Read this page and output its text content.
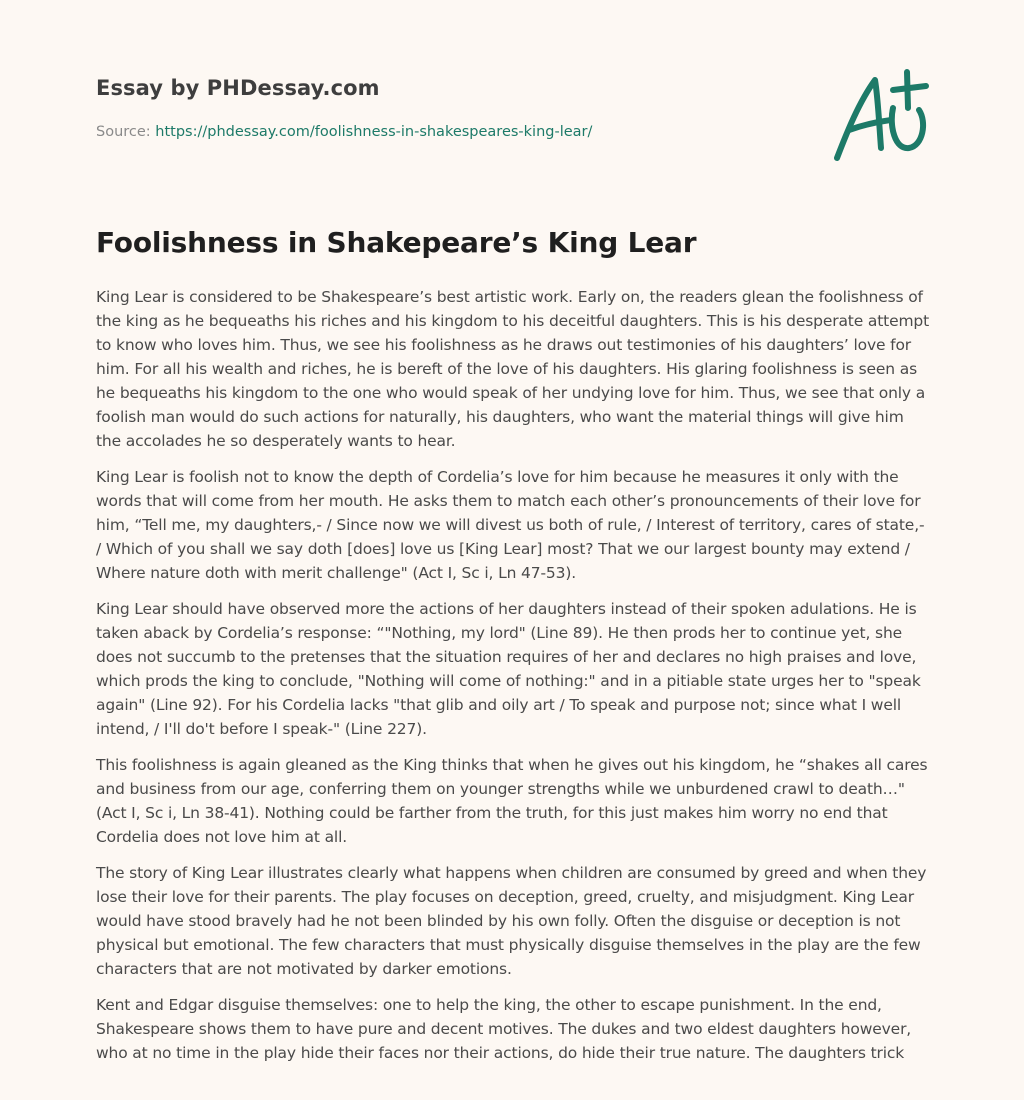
Essay by PHDessay.com
Source: https://phdessay.com/foolishness-in-shakespeares-king-lear/
Foolishness in Shakepeare’s King Lear

King Lear is considered to be Shakespeare’s best artistic work. Early on, the readers glean the foolishness of the king as he bequeaths his riches and his kingdom to his deceitful daughters. This is his desperate attempt to know who loves him. Thus, we see his foolishness as he draws out testimonies of his daughters’ love for him. For all his wealth and riches, he is bereft of the love of his daughters. His glaring foolishness is seen as he bequeaths his kingdom to the one who would speak of her undying love for him. Thus, we see that only a foolish man would do such actions for naturally, his daughters, who want the material things will give him the accolades he so desperately wants to hear.

King Lear is foolish not to know the depth of Cordelia’s love for him because he measures it only with the words that will come from her mouth. He asks them to match each other’s pronouncements of their love for him, “Tell me, my daughters,- / Since now we will divest us both of rule, / Interest of territory, cares of state,- / Which of you shall we say doth [does] love us [King Lear] most? That we our largest bounty may extend / Where nature doth with merit challenge" (Act I, Sc i, Ln 47-53).

King Lear should have observed more the actions of her daughters instead of their spoken adulations. He is taken aback by Cordelia’s response: “"Nothing, my lord" (Line 89). He then prods her to continue yet, she does not succumb to the pretenses that the situation requires of her and declares no high praises and love, which prods the king to conclude, "Nothing will come of nothing:" and in a pitiable state urges her to "speak again" (Line 92). For his Cordelia lacks "that glib and oily art / To speak and purpose not; since what I well intend, / I'll do't before I speak-" (Line 227).

This foolishness is again gleaned as the King thinks that when he gives out his kingdom, he “shakes all cares and business from our age, conferring them on younger strengths while we unburdened crawl to death…" (Act I, Sc i, Ln 38-41). Nothing could be farther from the truth, for this just makes him worry no end that Cordelia does not love him at all.

The story of King Lear illustrates clearly what happens when children are consumed by greed and when they lose their love for their parents. The play focuses on deception, greed, cruelty, and misjudgment. King Lear would have stood bravely had he not been blinded by his own folly. Often the disguise or deception is not physical but emotional. The few characters that must physically disguise themselves in the play are the few characters that are not motivated by darker emotions.

Kent and Edgar disguise themselves: one to help the king, the other to escape punishment. In the end, Shakespeare shows them to have pure and decent motives. The dukes and two eldest daughters however, who at no time in the play hide their faces nor their actions, do hide their true nature. The daughters trick
